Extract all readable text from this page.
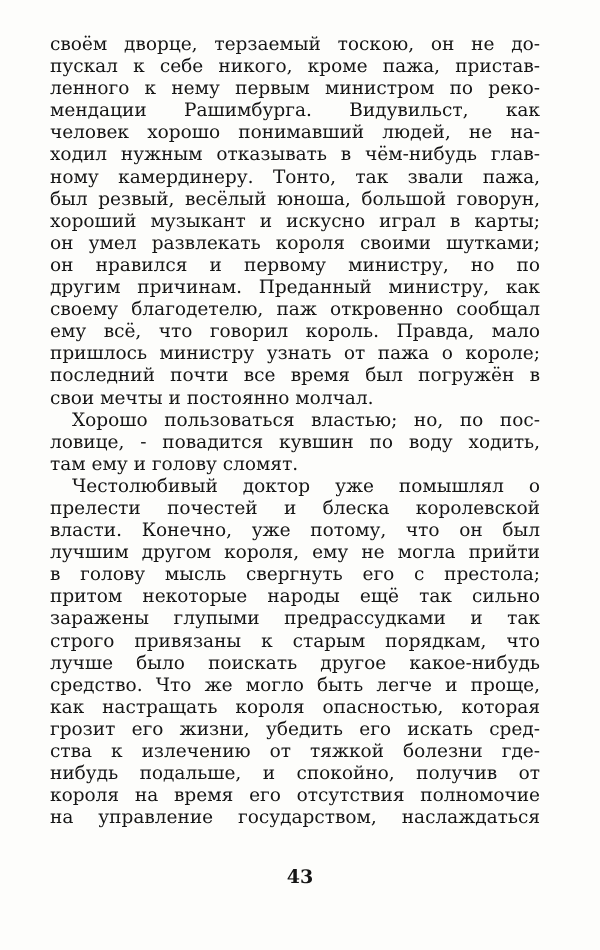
своём дворце, терзаемый тоскою, он не до-
пускал к себе никого, кроме пажа, пристав-
ленного к нему первым министром по реко-
мендации Рашимбурга. Видувильст, как
человек хорошо понимавший людей, не на-
ходил нужным отказывать в чём-нибудь глав-
ному камердинеру. Тонто, так звали пажа,
был резвый, весёлый юноша, большой говорун,
хороший музыкант и искусно играл в карты;
он умел развлекать короля своими шутками;
он нравился и первому министру, но по
другим причинам. Преданный министру, как
своему благодетелю, паж откровенно сообщал
ему всё, что говорил король. Правда, мало
пришлось министру узнать от пажа о короле;
последний почти все время был погружён в
свои мечты и постоянно молчал.
Хорошо пользоваться властью; но, по пос-
ловице, - повадится кувшин по воду ходить,
там ему и голову сломят.
Честолюбивый доктор уже помышлял о
прелести почестей и блеска королевской
власти. Конечно, уже потому, что он был
лучшим другом короля, ему не могла прийти
в голову мысль свергнуть его с престола;
притом некоторые народы ещё так сильно
заражены глупыми предрассудками и так
строго привязаны к старым порядкам, что
лучше было поискать другое какое-нибудь
средство. Что же могло быть легче и проще,
как настращать короля опасностью, которая
грозит его жизни, убедить его искать сред-
ства к излечению от тяжкой болезни где-
нибудь подальше, и спокойно, получив от
короля на время его отсутствия полномочие
на управление государством, наслаждаться
43
